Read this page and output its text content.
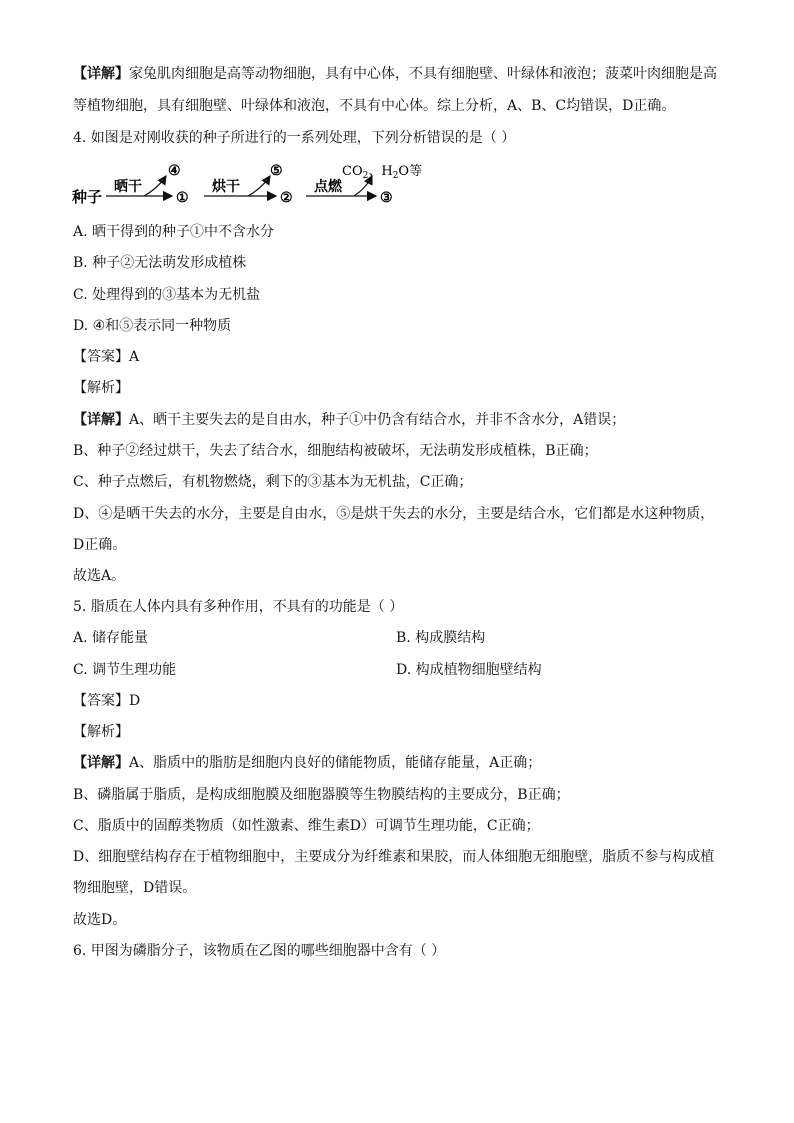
【详解】家兔肌肉细胞是高等动物细胞，具有中心体，不具有细胞壁、叶绿体和液泡；菠菜叶肉细胞是高
等植物细胞，具有细胞壁、叶绿体和液泡，不具有中心体。综上分析，A、B、C均错误，D正确。
4. 如图是对刚收获的种子所进行的一系列处理，下列分析错误的是（ ）
种子
晒干
④
①
烘干
⑤
②
点燃
$CO_2$、$H_2O$等
③
A. 晒干得到的种子①中不含水分
B. 种子②无法萌发形成植株
C. 处理得到的③基本为无机盐
D. ④和⑤表示同一种物质
【答案】A
【解析】
【详解】A、晒干主要失去的是自由水，种子①中仍含有结合水，并非不含水分，A错误；
B、种子②经过烘干，失去了结合水，细胞结构被破坏，无法萌发形成植株，B正确；
C、种子点燃后，有机物燃烧，剩下的③基本为无机盐，C正确；
D、④是晒干失去的水分，主要是自由水，⑤是烘干失去的水分，主要是结合水，它们都是水这种物质，
D正确。
故选A。
5. 脂质在人体内具有多种作用，不具有的功能是（ ）
A. 储存能量	B. 构成膜结构
C. 调节生理功能	D. 构成植物细胞壁结构
【答案】D
【解析】
【详解】A、脂质中的脂肪是细胞内良好的储能物质，能储存能量，A正确；
B、磷脂属于脂质，是构成细胞膜及细胞器膜等生物膜结构的主要成分，B正确；
C、脂质中的固醇类物质（如性激素、维生素D）可调节生理功能，C正确；
D、细胞壁结构存在于植物细胞中，主要成分为纤维素和果胶，而人体细胞无细胞壁，脂质不参与构成植
物细胞壁，D错误。
故选D。
6. 甲图为磷脂分子，该物质在乙图的哪些细胞器中含有（ ）
